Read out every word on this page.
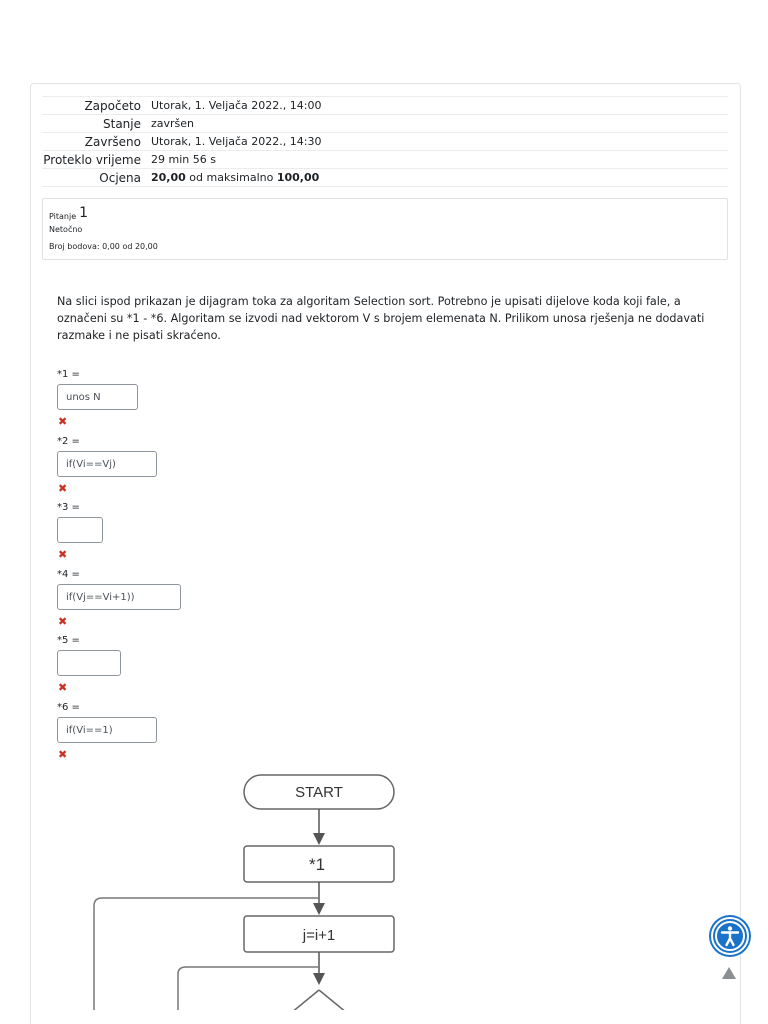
Započeto	Utorak, 1. Veljača 2022., 14:00
Stanje	završen
Završeno	Utorak, 1. Veljača 2022., 14:30
Proteklo vrijeme	29 min 56 s
Ocjena	20,00 od maksimalno 100,00
Pitanje 1
Netočno
Broj bodova: 0,00 od 20,00
Na slici ispod prikazan je dijagram toka za algoritam Selection sort. Potrebno je upisati dijelove koda koji fale, a označeni su *1 - *6. Algoritam se izvodi nad vektorom V s brojem elemenata N. Prilikom unosa rješenja ne dodavati razmake i ne pisati skraćeno.
*1 =
unos N
✖
*2 =
if(Vi==Vj)
✖
*3 =
✖
*4 =
if(Vj==Vi+1))
✖
*5 =
✖
*6 =
if(Vi==1)
✖
START
*1
j=i+1
